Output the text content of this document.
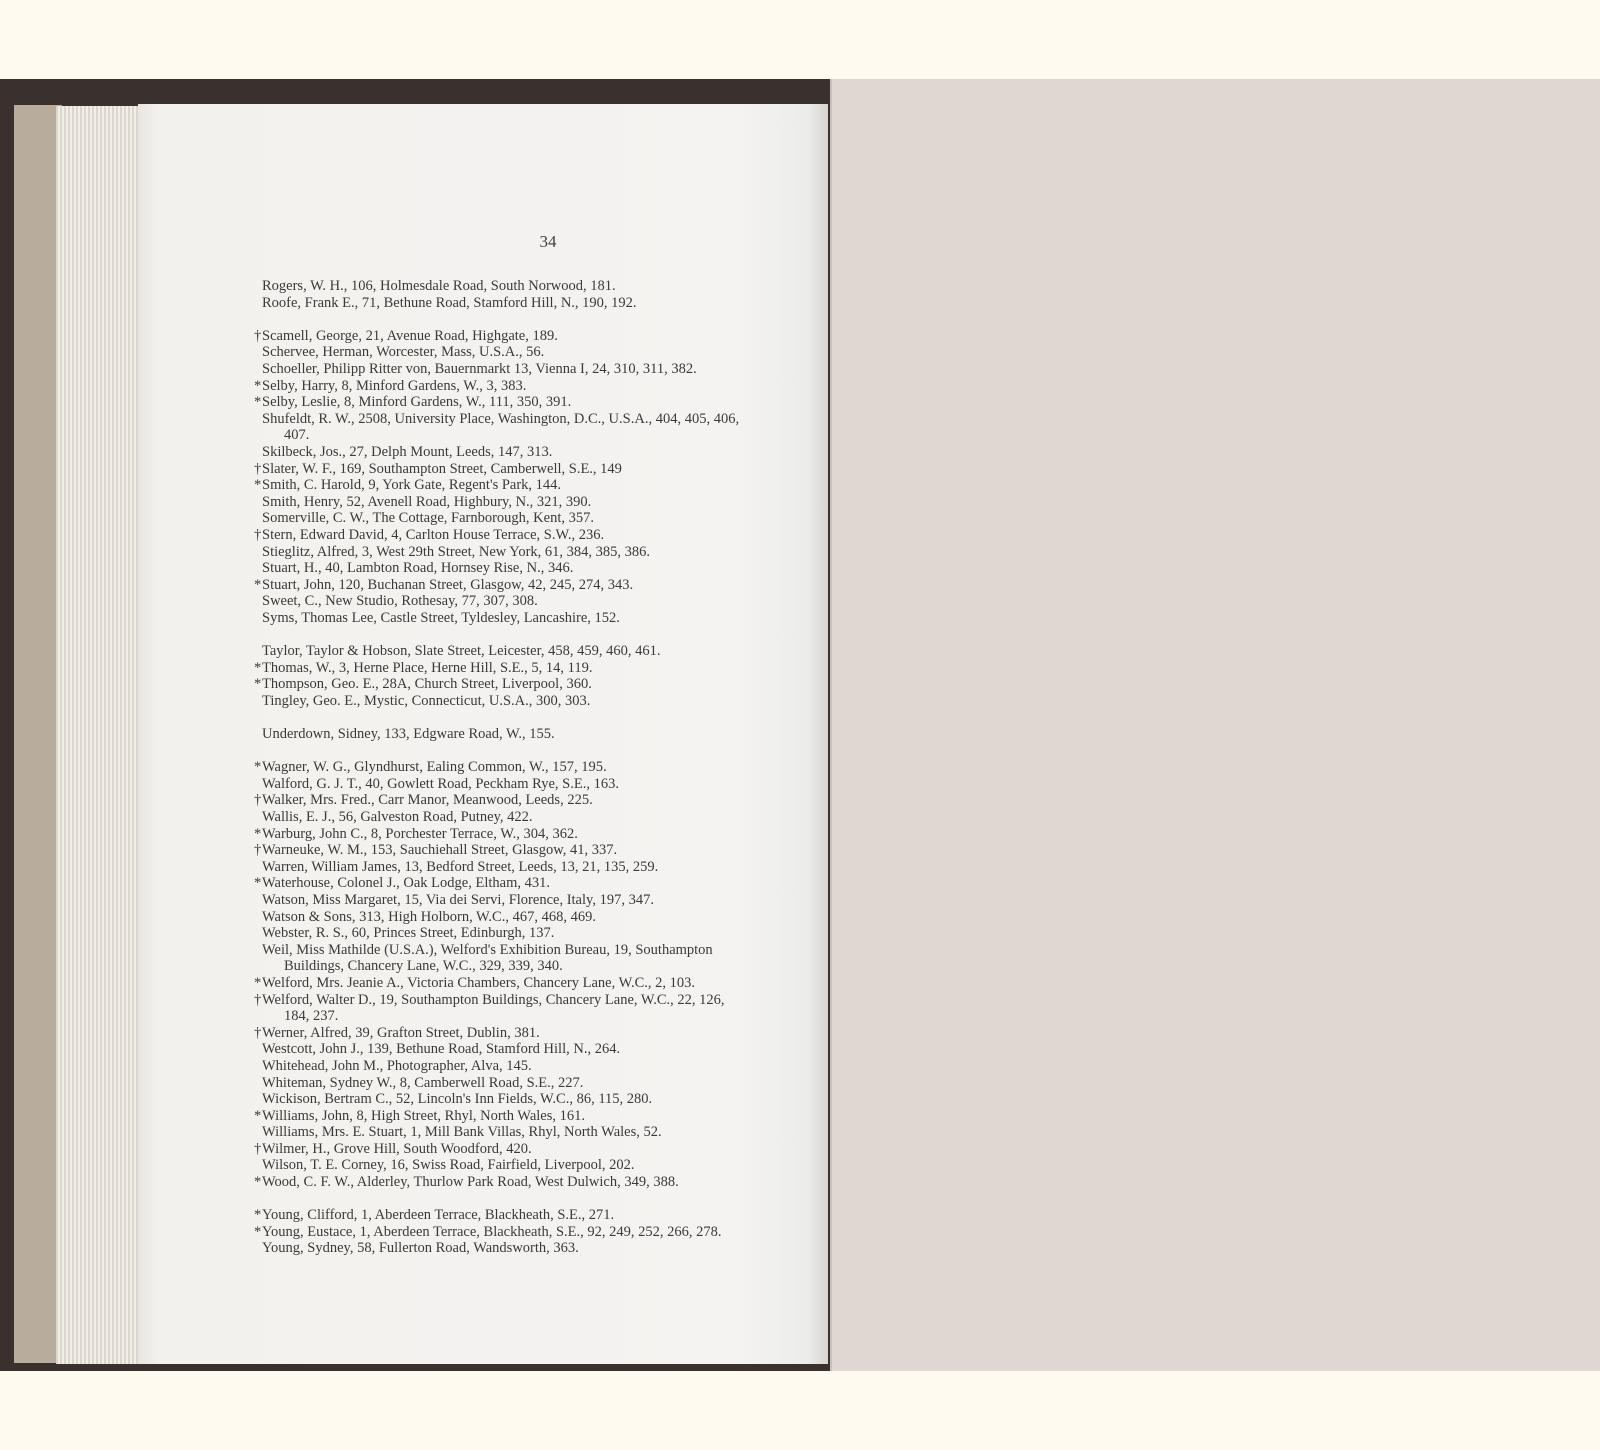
34
Rogers, W. H., 106, Holmesdale Road, South Norwood, 181.
Roofe, Frank E., 71, Bethune Road, Stamford Hill, N., 190, 192.
† Scamell, George, 21, Avenue Road, Highgate, 189.
Schervee, Herman, Worcester, Mass, U.S.A., 56.
Schoeller, Philipp Ritter von, Bauernmarkt 13, Vienna I, 24, 310, 311, 382.
* Selby, Harry, 8, Minford Gardens, W., 3, 383.
* Selby, Leslie, 8, Minford Gardens, W., 111, 350, 391.
Shufeldt, R. W., 2508, University Place, Washington, D.C., U.S.A., 404, 405, 406,
407.
Skilbeck, Jos., 27, Delph Mount, Leeds, 147, 313.
† Slater, W. F., 169, Southampton Street, Camberwell, S.E., 149
* Smith, C. Harold, 9, York Gate, Regent's Park, 144.
Smith, Henry, 52, Avenell Road, Highbury, N., 321, 390.
Somerville, C. W., The Cottage, Farnborough, Kent, 357.
† Stern, Edward David, 4, Carlton House Terrace, S.W., 236.
Stieglitz, Alfred, 3, West 29th Street, New York, 61, 384, 385, 386.
Stuart, H., 40, Lambton Road, Hornsey Rise, N., 346.
* Stuart, John, 120, Buchanan Street, Glasgow, 42, 245, 274, 343.
Sweet, C., New Studio, Rothesay, 77, 307, 308.
Syms, Thomas Lee, Castle Street, Tyldesley, Lancashire, 152.
Taylor, Taylor & Hobson, Slate Street, Leicester, 458, 459, 460, 461.
* Thomas, W., 3, Herne Place, Herne Hill, S.E., 5, 14, 119.
* Thompson, Geo. E., 28A, Church Street, Liverpool, 360.
Tingley, Geo. E., Mystic, Connecticut, U.S.A., 300, 303.
Underdown, Sidney, 133, Edgware Road, W., 155.
* Wagner, W. G., Glyndhurst, Ealing Common, W., 157, 195.
Walford, G. J. T., 40, Gowlett Road, Peckham Rye, S.E., 163.
† Walker, Mrs. Fred., Carr Manor, Meanwood, Leeds, 225.
Wallis, E. J., 56, Galveston Road, Putney, 422.
* Warburg, John C., 8, Porchester Terrace, W., 304, 362.
† Warneuke, W. M., 153, Sauchiehall Street, Glasgow, 41, 337.
Warren, William James, 13, Bedford Street, Leeds, 13, 21, 135, 259.
* Waterhouse, Colonel J., Oak Lodge, Eltham, 431.
Watson, Miss Margaret, 15, Via dei Servi, Florence, Italy, 197, 347.
Watson & Sons, 313, High Holborn, W.C., 467, 468, 469.
Webster, R. S., 60, Princes Street, Edinburgh, 137.
Weil, Miss Mathilde (U.S.A.), Welford's Exhibition Bureau, 19, Southampton
Buildings, Chancery Lane, W.C., 329, 339, 340.
* Welford, Mrs. Jeanie A., Victoria Chambers, Chancery Lane, W.C., 2, 103.
† Welford, Walter D., 19, Southampton Buildings, Chancery Lane, W.C., 22, 126,
184, 237.
† Werner, Alfred, 39, Grafton Street, Dublin, 381.
Westcott, John J., 139, Bethune Road, Stamford Hill, N., 264.
Whitehead, John M., Photographer, Alva, 145.
Whiteman, Sydney W., 8, Camberwell Road, S.E., 227.
Wickison, Bertram C., 52, Lincoln's Inn Fields, W.C., 86, 115, 280.
* Williams, John, 8, High Street, Rhyl, North Wales, 161.
Williams, Mrs. E. Stuart, 1, Mill Bank Villas, Rhyl, North Wales, 52.
† Wilmer, H., Grove Hill, South Woodford, 420.
Wilson, T. E. Corney, 16, Swiss Road, Fairfield, Liverpool, 202.
* Wood, C. F. W., Alderley, Thurlow Park Road, West Dulwich, 349, 388.
* Young, Clifford, 1, Aberdeen Terrace, Blackheath, S.E., 271.
* Young, Eustace, 1, Aberdeen Terrace, Blackheath, S.E., 92, 249, 252, 266, 278.
Young, Sydney, 58, Fullerton Road, Wandsworth, 363.
